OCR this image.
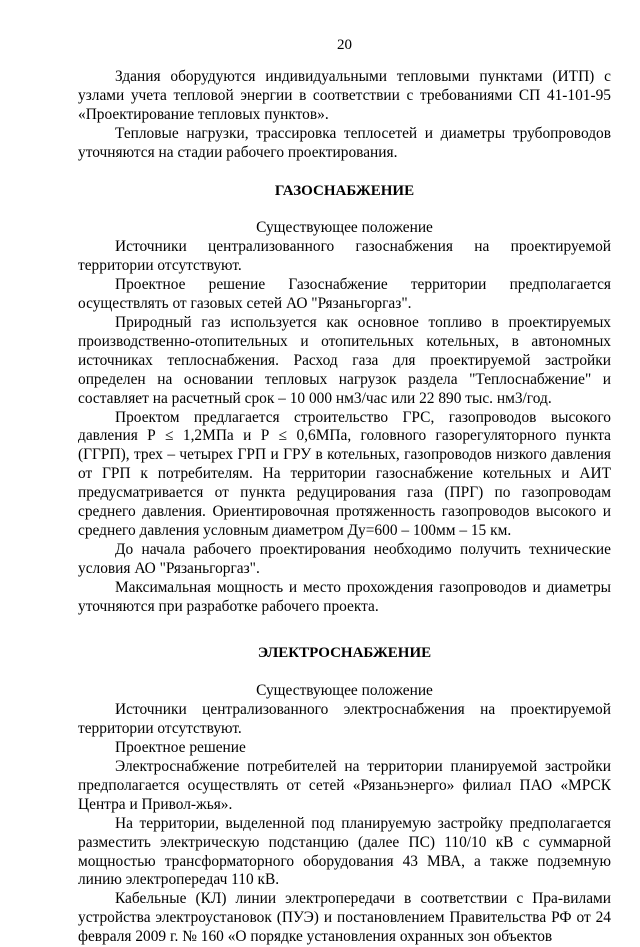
20

Здания оборудуются индивидуальными тепловыми пунктами (ИТП) с узлами учета тепловой энергии в соответствии с требованиями СП 41-101-95 «Проектирование тепловых пунктов».

Тепловые нагрузки, трассировка теплосетей и диаметры трубопроводов уточняются на стадии рабочего проектирования.

ГАЗОСНАБЖЕНИЕ

Существующее положение

Источники централизованного газоснабжения на проектируемой территории отсутствуют.

Проектное решение Газоснабжение территории предполагается осуществлять от газовых сетей АО "Рязаньгоргаз".

Природный газ используется как основное топливо в проектируемых производственно-отопительных и отопительных котельных, в автономных источниках теплоснабжения. Расход газа для проектируемой застройки определен на основании тепловых нагрузок раздела "Теплоснабжение" и составляет на расчетный срок – 10 000 нм3/час или 22 890 тыс. нм3/год.

Проектом предлагается строительство ГРС, газопроводов высокого давления Р ≤ 1,2МПа и Р ≤ 0,6МПа, головного газорегуляторного пункта (ГГРП), трех – четырех ГРП и ГРУ в котельных, газопроводов низкого давления от ГРП к потребителям. На территории газоснабжение котельных и АИТ предусматривается от пункта редуцирования газа (ПРГ) по газопроводам среднего давления. Ориентировочная протяженность газопроводов высокого и среднего давления условным диаметром Ду=600 – 100мм – 15 км.

До начала рабочего проектирования необходимо получить технические условия АО "Рязаньгоргаз".

Максимальная мощность и место прохождения газопроводов и диаметры уточняются при разработке рабочего проекта.

ЭЛЕКТРОСНАБЖЕНИЕ

Существующее положение

Источники централизованного электроснабжения на проектируемой территории отсутствуют.

Проектное решение

Электроснабжение потребителей на территории планируемой застройки предполагается осуществлять от сетей «Рязаньэнерго» филиал ПАО «МРСК Центра и Привол-жья».

На территории, выделенной под планируемую застройку предполагается разместить электрическую подстанцию (далее ПС) 110/10 кВ с суммарной мощностью трансформаторного оборудования 43 МВА, а также подземную линию электропередач 110 кВ.

Кабельные (КЛ) линии электропередачи в соответствии с Пра-вилами устройства электроустановок (ПУЭ) и постановлением Правительства РФ от 24 февраля 2009 г. № 160 «О порядке установления охранных зон объектов
